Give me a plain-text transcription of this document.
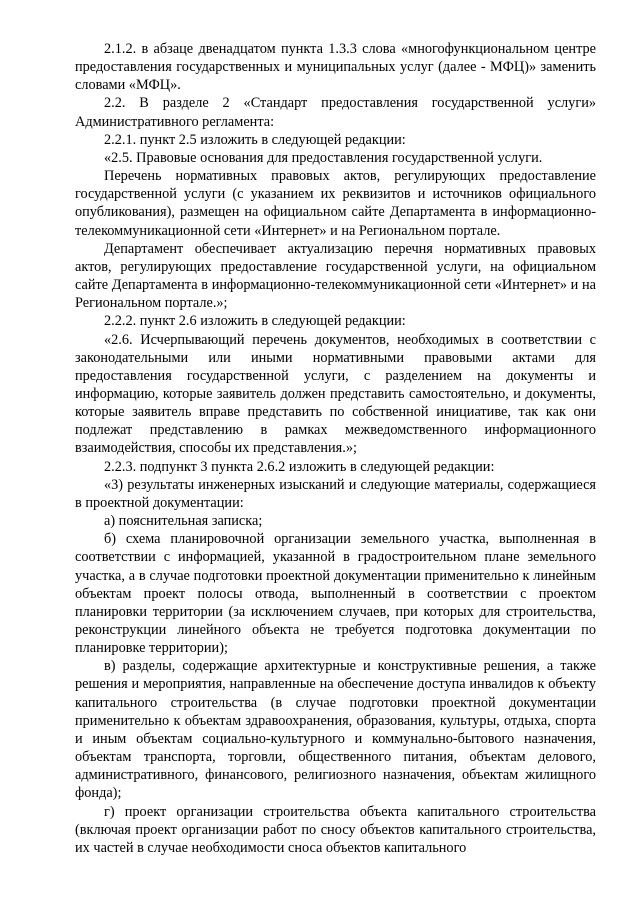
2.1.2. в абзаце двенадцатом пункта 1.3.3 слова «многофункциональном центре предоставления государственных и муниципальных услуг (далее - МФЦ)» заменить словами «МФЦ».

2.2. В разделе 2 «Стандарт предоставления государственной услуги» Административного регламента:

2.2.1. пункт 2.5 изложить в следующей редакции:

«2.5. Правовые основания для предоставления государственной услуги.

Перечень нормативных правовых актов, регулирующих предоставление государственной услуги (с указанием их реквизитов и источников официального опубликования), размещен на официальном сайте Департамента в информационно-телекоммуникационной сети «Интернет» и на Региональном портале.

Департамент обеспечивает актуализацию перечня нормативных правовых актов, регулирующих предоставление государственной услуги, на официальном сайте Департамента в информационно-телекоммуникационной сети «Интернет» и на Региональном портале.»;

2.2.2. пункт 2.6 изложить в следующей редакции:

«2.6. Исчерпывающий перечень документов, необходимых в соответствии с законодательными или иными нормативными правовыми актами для предоставления государственной услуги, с разделением на документы и информацию, которые заявитель должен представить самостоятельно, и документы, которые заявитель вправе представить по собственной инициативе, так как они подлежат представлению в рамках межведомственного информационного взаимодействия, способы их представления.»;

2.2.3. подпункт 3 пункта 2.6.2 изложить в следующей редакции:

«3) результаты инженерных изысканий и следующие материалы, содержащиеся в проектной документации:

а) пояснительная записка;

б) схема планировочной организации земельного участка, выполненная в соответствии с информацией, указанной в градостроительном плане земельного участка, а в случае подготовки проектной документации применительно к линейным объектам проект полосы отвода, выполненный в соответствии с проектом планировки территории (за исключением случаев, при которых для строительства, реконструкции линейного объекта не требуется подготовка документации по планировке территории);

в) разделы, содержащие архитектурные и конструктивные решения, а также решения и мероприятия, направленные на обеспечение доступа инвалидов к объекту капитального строительства (в случае подготовки проектной документации применительно к объектам здравоохранения, образования, культуры, отдыха, спорта и иным объектам социально-культурного и коммунально-бытового назначения, объектам транспорта, торговли, общественного питания, объектам делового, административного, финансового, религиозного назначения, объектам жилищного фонда);

г) проект организации строительства объекта капитального строительства (включая проект организации работ по сносу объектов капитального строительства, их частей в случае необходимости сноса объектов капитального
